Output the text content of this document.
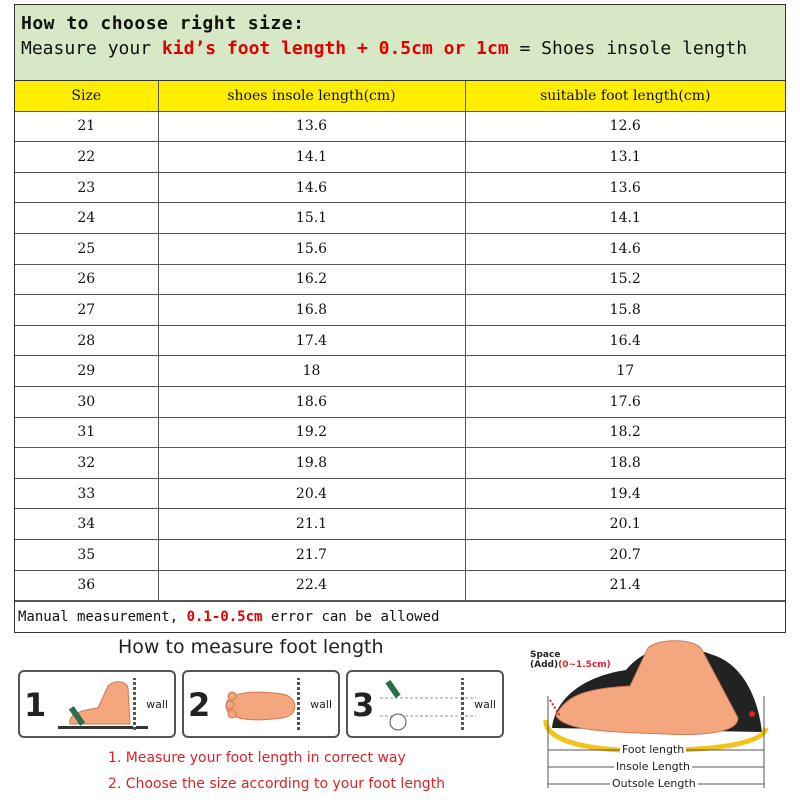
How to choose right size:
Measure your kid’s foot length + 0.5cm or 1cm = Shoes insole length
Size	shoes insole length(cm)	suitable foot length(cm)
21	13.6	12.6
22	14.1	13.1
23	14.6	13.6
24	15.1	14.1
25	15.6	14.6
26	16.2	15.2
27	16.8	15.8
28	17.4	16.4
29	18	17
30	18.6	17.6
31	19.2	18.2
32	19.8	18.8
33	20.4	19.4
34	21.1	20.1
35	21.7	20.7
36	22.4	21.4
Manual measurement, 0.1-0.5cm error can be allowed
How to measure foot length
1	wall 2	wall 3	wall
1. Measure your foot length in correct way
2. Choose the size according to your foot length
Space
(Add)(0~1.5cm)
Foot length
Insole Length
Outsole Length
